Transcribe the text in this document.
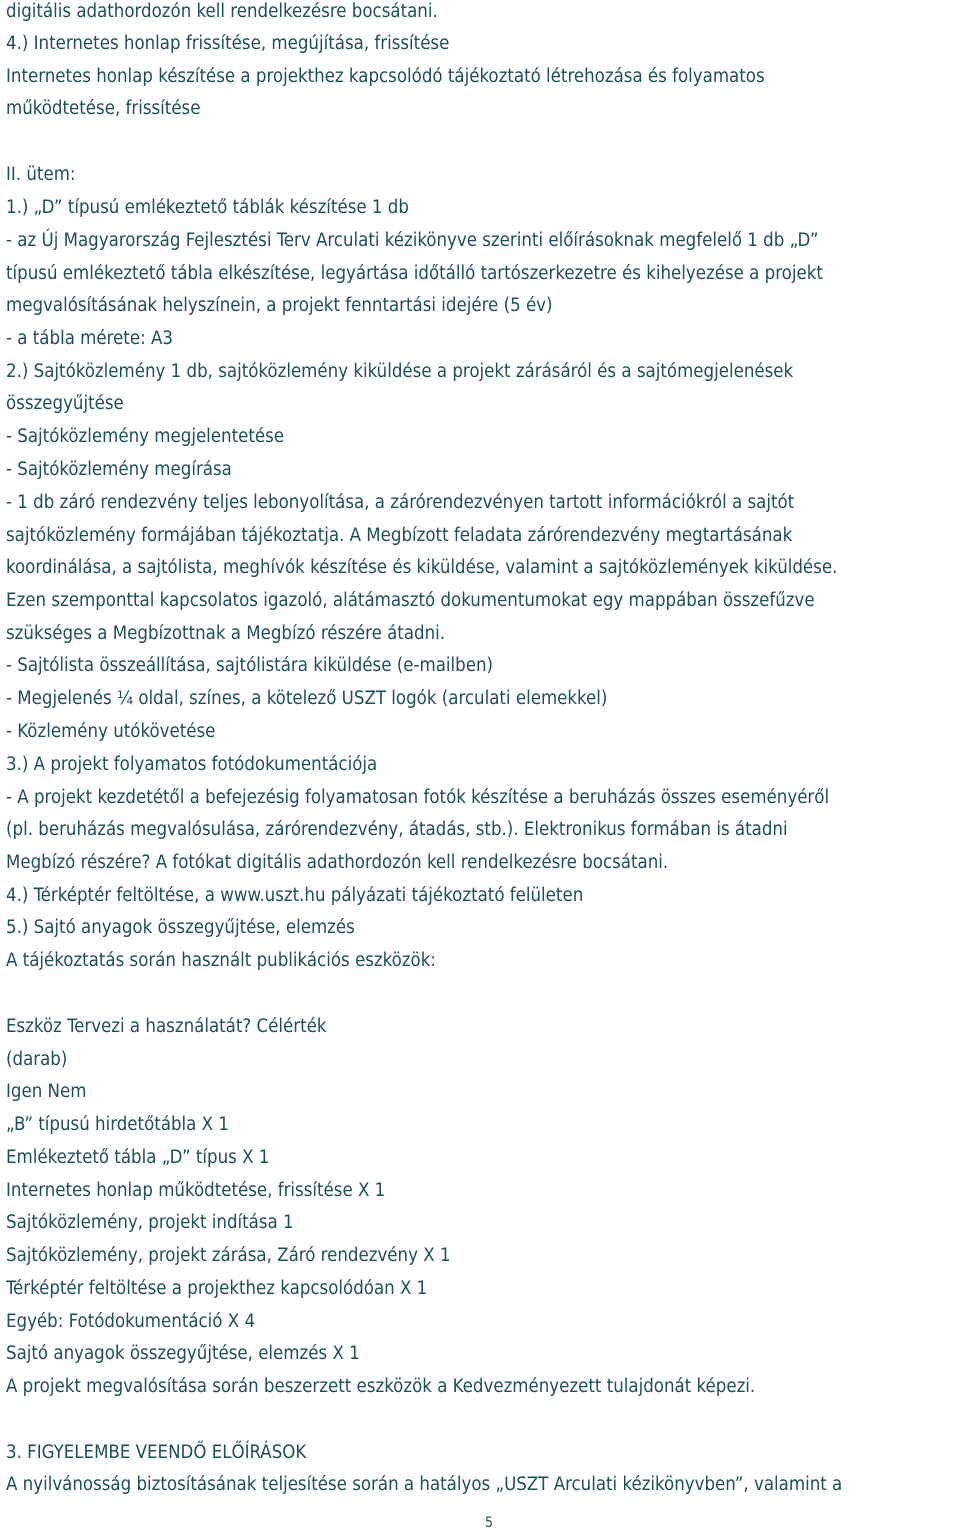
digitális adathordozón kell rendelkezésre bocsátani.
4.) Internetes honlap frissítése, megújítása, frissítése
Internetes honlap készítése a projekthez kapcsolódó tájékoztató létrehozása és folyamatos
működtetése, frissítése
II. ütem:
1.) „D” típusú emlékeztető táblák készítése 1 db
- az Új Magyarország Fejlesztési Terv Arculati kézikönyve szerinti előírásoknak megfelelő 1 db „D”
típusú emlékeztető tábla elkészítése, legyártása időtálló tartószerkezetre és kihelyezése a projekt
megvalósításának helyszínein, a projekt fenntartási idejére (5 év)
- a tábla mérete: A3
2.) Sajtóközlemény 1 db, sajtóközlemény kiküldése a projekt zárásáról és a sajtómegjelenések
összegyűjtése
- Sajtóközlemény megjelentetése
- Sajtóközlemény megírása
- 1 db záró rendezvény teljes lebonyolítása, a zárórendezvényen tartott információkról a sajtót
sajtóközlemény formájában tájékoztatja. A Megbízott feladata zárórendezvény megtartásának
koordinálása, a sajtólista, meghívók készítése és kiküldése, valamint a sajtóközlemények kiküldése.
Ezen szemponttal kapcsolatos igazoló, alátámasztó dokumentumokat egy mappában összefűzve
szükséges a Megbízottnak a Megbízó részére átadni.
- Sajtólista összeállítása, sajtólistára kiküldése (e-mailben)
- Megjelenés ¼ oldal, színes, a kötelező USZT logók (arculati elemekkel)
- Közlemény utókövetése
3.) A projekt folyamatos fotódokumentációja
- A projekt kezdetétől a befejezésig folyamatosan fotók készítése a beruházás összes eseményéről
(pl. beruházás megvalósulása, zárórendezvény, átadás, stb.). Elektronikus formában is átadni
Megbízó részére? A fotókat digitális adathordozón kell rendelkezésre bocsátani.
4.) Térképtér feltöltése, a www.uszt.hu pályázati tájékoztató felületen
5.) Sajtó anyagok összegyűjtése, elemzés
A tájékoztatás során használt publikációs eszközök:
Eszköz Tervezi a használatát? Célérték
(darab)
Igen Nem
„B” típusú hirdetőtábla X 1
Emlékeztető tábla „D” típus X 1
Internetes honlap működtetése, frissítése X 1
Sajtóközlemény, projekt indítása 1
Sajtóközlemény, projekt zárása, Záró rendezvény X 1
Térképtér feltöltése a projekthez kapcsolódóan X 1
Egyéb: Fotódokumentáció X 4
Sajtó anyagok összegyűjtése, elemzés X 1
A projekt megvalósítása során beszerzett eszközök a Kedvezményezett tulajdonát képezi.
3. FIGYELEMBE VEENDŐ ELŐÍRÁSOK
A nyilvánosság biztosításának teljesítése során a hatályos „USZT Arculati kézikönyvben”, valamint a
5
